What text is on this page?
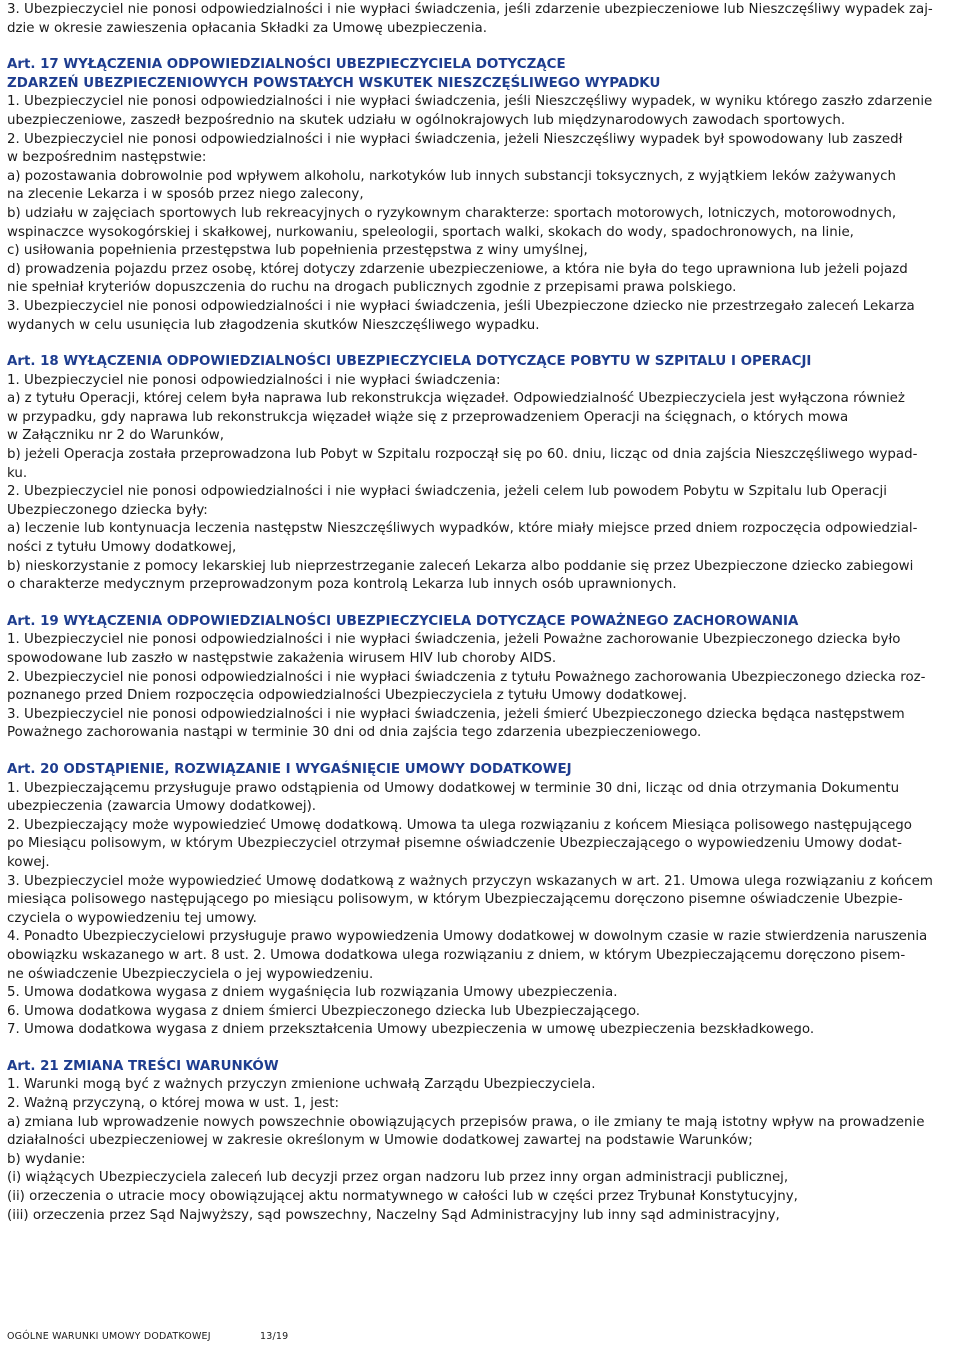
3. Ubezpieczyciel nie ponosi odpowiedzialności i nie wypłaci świadczenia, jeśli zdarzenie ubezpieczeniowe lub Nieszczęśliwy wypadek zaj-
dzie w okresie zawieszenia opłacania Składki za Umowę ubezpieczenia.
Art. 17 WYŁĄCZENIA ODPOWIEDZIALNOŚCI UBEZPIECZYCIELA DOTYCZĄCE
ZDARZEŃ UBEZPIECZENIOWYCH POWSTAŁYCH WSKUTEK NIESZCZĘŚLIWEGO WYPADKU
1. Ubezpieczyciel nie ponosi odpowiedzialności i nie wypłaci świadczenia, jeśli Nieszczęśliwy wypadek, w wyniku którego zaszło zdarzenie
ubezpieczeniowe, zaszedł bezpośrednio na skutek udziału w ogólnokrajowych lub międzynarodowych zawodach sportowych.
2. Ubezpieczyciel nie ponosi odpowiedzialności i nie wypłaci świadczenia, jeżeli Nieszczęśliwy wypadek był spowodowany lub zaszedł
w bezpośrednim następstwie:
a) pozostawania dobrowolnie pod wpływem alkoholu, narkotyków lub innych substancji toksycznych, z wyjątkiem leków zażywanych
na zlecenie Lekarza i w sposób przez niego zalecony,
b) udziału w zajęciach sportowych lub rekreacyjnych o ryzykownym charakterze: sportach motorowych, lotniczych, motorowodnych,
wspinaczce wysokogórskiej i skałkowej, nurkowaniu, speleologii, sportach walki, skokach do wody, spadochronowych, na linie,
c) usiłowania popełnienia przestępstwa lub popełnienia przestępstwa z winy umyślnej,
d) prowadzenia pojazdu przez osobę, której dotyczy zdarzenie ubezpieczeniowe, a która nie była do tego uprawniona lub jeżeli pojazd
nie spełniał kryteriów dopuszczenia do ruchu na drogach publicznych zgodnie z przepisami prawa polskiego.
3. Ubezpieczyciel nie ponosi odpowiedzialności i nie wypłaci świadczenia, jeśli Ubezpieczone dziecko nie przestrzegało zaleceń Lekarza
wydanych w celu usunięcia lub złagodzenia skutków Nieszczęśliwego wypadku.
Art. 18 WYŁĄCZENIA ODPOWIEDZIALNOŚCI UBEZPIECZYCIELA DOTYCZĄCE POBYTU W SZPITALU I OPERACJI
1. Ubezpieczyciel nie ponosi odpowiedzialności i nie wypłaci świadczenia:
a) z tytułu Operacji, której celem była naprawa lub rekonstrukcja więzadeł. Odpowiedzialność Ubezpieczyciela jest wyłączona również
w przypadku, gdy naprawa lub rekonstrukcja więzadeł wiąże się z przeprowadzeniem Operacji na ścięgnach, o których mowa
w Załączniku nr 2 do Warunków,
b) jeżeli Operacja została przeprowadzona lub Pobyt w Szpitalu rozpoczął się po 60. dniu, licząc od dnia zajścia Nieszczęśliwego wypad-
ku.
2. Ubezpieczyciel nie ponosi odpowiedzialności i nie wypłaci świadczenia, jeżeli celem lub powodem Pobytu w Szpitalu lub Operacji
Ubezpieczonego dziecka były:
a) leczenie lub kontynuacja leczenia następstw Nieszczęśliwych wypadków, które miały miejsce przed dniem rozpoczęcia odpowiedzial-
ności z tytułu Umowy dodatkowej,
b) nieskorzystanie z pomocy lekarskiej lub nieprzestrzeganie zaleceń Lekarza albo poddanie się przez Ubezpieczone dziecko zabiegowi
o charakterze medycznym przeprowadzonym poza kontrolą Lekarza lub innych osób uprawnionych.
Art. 19 WYŁĄCZENIA ODPOWIEDZIALNOŚCI UBEZPIECZYCIELA DOTYCZĄCE POWAŻNEGO ZACHOROWANIA
1. Ubezpieczyciel nie ponosi odpowiedzialności i nie wypłaci świadczenia, jeżeli Poważne zachorowanie Ubezpieczonego dziecka było
spowodowane lub zaszło w następstwie zakażenia wirusem HIV lub choroby AIDS.
2. Ubezpieczyciel nie ponosi odpowiedzialności i nie wypłaci świadczenia z tytułu Poważnego zachorowania Ubezpieczonego dziecka roz-
poznanego przed Dniem rozpoczęcia odpowiedzialności Ubezpieczyciela z tytułu Umowy dodatkowej.
3. Ubezpieczyciel nie ponosi odpowiedzialności i nie wypłaci świadczenia, jeżeli śmierć Ubezpieczonego dziecka będąca następstwem
Poważnego zachorowania nastąpi w terminie 30 dni od dnia zajścia tego zdarzenia ubezpieczeniowego.
Art. 20 ODSTĄPIENIE, ROZWIĄZANIE I WYGAŚNIĘCIE UMOWY DODATKOWEJ
1. Ubezpieczającemu przysługuje prawo odstąpienia od Umowy dodatkowej w terminie 30 dni, licząc od dnia otrzymania Dokumentu
ubezpieczenia (zawarcia Umowy dodatkowej).
2. Ubezpieczający może wypowiedzieć Umowę dodatkową. Umowa ta ulega rozwiązaniu z końcem Miesiąca polisowego następującego
po Miesiącu polisowym, w którym Ubezpieczyciel otrzymał pisemne oświadczenie Ubezpieczającego o wypowiedzeniu Umowy dodat-
kowej.
3. Ubezpieczyciel może wypowiedzieć Umowę dodatkową z ważnych przyczyn wskazanych w art. 21. Umowa ulega rozwiązaniu z końcem
miesiąca polisowego następującego po miesiącu polisowym, w którym Ubezpieczającemu doręczono pisemne oświadczenie Ubezpie-
czyciela o wypowiedzeniu tej umowy.
4. Ponadto Ubezpieczycielowi przysługuje prawo wypowiedzenia Umowy dodatkowej w dowolnym czasie w razie stwierdzenia naruszenia
obowiązku wskazanego w art. 8 ust. 2. Umowa dodatkowa ulega rozwiązaniu z dniem, w którym Ubezpieczającemu doręczono pisem-
ne oświadczenie Ubezpieczyciela o jej wypowiedzeniu.
5. Umowa dodatkowa wygasa z dniem wygaśnięcia lub rozwiązania Umowy ubezpieczenia.
6. Umowa dodatkowa wygasa z dniem śmierci Ubezpieczonego dziecka lub Ubezpieczającego.
7. Umowa dodatkowa wygasa z dniem przekształcenia Umowy ubezpieczenia w umowę ubezpieczenia bezskładkowego.
Art. 21 ZMIANA TREŚCI WARUNKÓW
1. Warunki mogą być z ważnych przyczyn zmienione uchwałą Zarządu Ubezpieczyciela.
2. Ważną przyczyną, o której mowa w ust. 1, jest:
a) zmiana lub wprowadzenie nowych powszechnie obowiązujących przepisów prawa, o ile zmiany te mają istotny wpływ na prowadzenie
działalności ubezpieczeniowej w zakresie określonym w Umowie dodatkowej zawartej na podstawie Warunków;
b) wydanie:
(i) wiążących Ubezpieczyciela zaleceń lub decyzji przez organ nadzoru lub przez inny organ administracji publicznej,
(ii) orzeczenia o utracie mocy obowiązującej aktu normatywnego w całości lub w części przez Trybunał Konstytucyjny,
(iii) orzeczenia przez Sąd Najwyższy, sąd powszechny, Naczelny Sąd Administracyjny lub inny sąd administracyjny,
OGÓLNE WARUNKI UMOWY DODATKOWEJ	13/19
